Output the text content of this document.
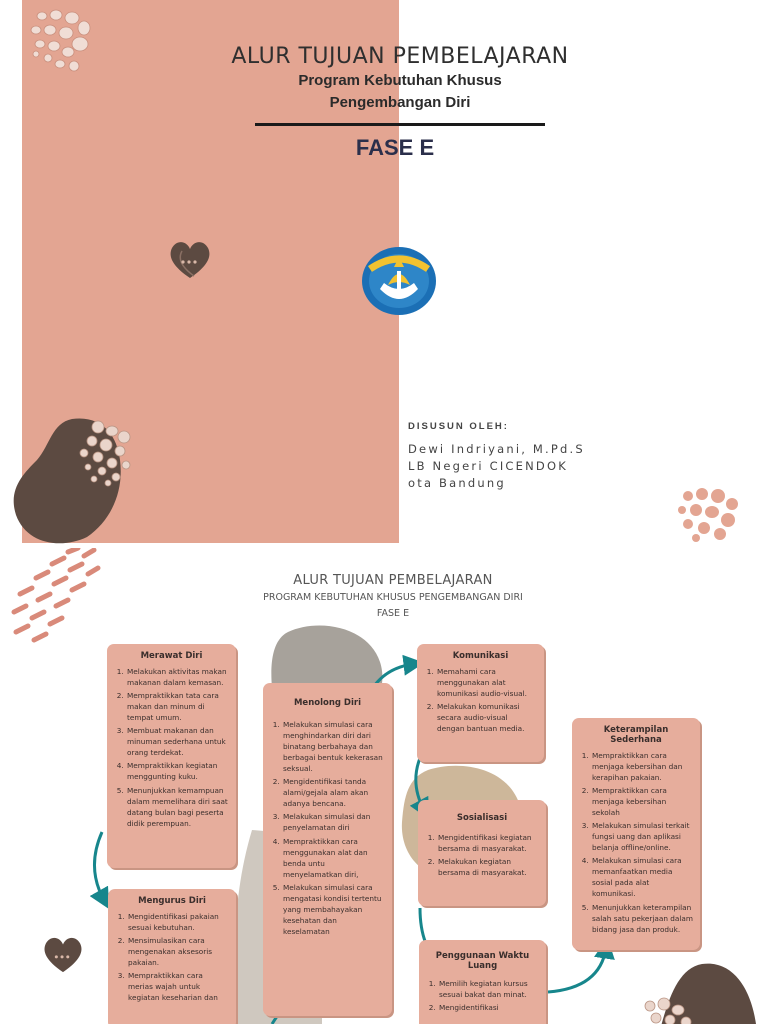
ALUR TUJUAN PEMBELAJARAN
Program Kebutuhan Khusus
Pengembangan Diri
FASE E
DISUSUN OLEH:
Dewi Indriyani, M.Pd.S
LB Negeri CICENDOK
ota Bandung
ALUR TUJUAN PEMBELAJARAN
PROGRAM KEBUTUHAN KHUSUS PENGEMBANGAN DIRI
FASE E
Merawat Diri
1. Melakukan aktivitas makan makanan dalam kemasan.
2. Mempraktikkan tata cara makan dan minum di tempat umum.
3. Membuat makanan dan minuman sederhana untuk orang terdekat.
4. Mempraktikkan kegiatan menggunting kuku.
5. Menunjukkan kemampuan dalam memelihara diri saat datang bulan bagi peserta didik perempuan.
Mengurus Diri
1. Mengidentifikasi pakaian sesuai kebutuhan.
2. Mensimulasikan cara mengenakan aksesoris pakaian.
3. Mempraktikkan cara merias wajah untuk kegiatan keseharian dan
Menolong Diri
1. Melakukan simulasi cara menghindarkan diri dari binatang berbahaya dan berbagai bentuk kekerasan seksual.
2. Mengidentifikasi tanda alami/gejala alam akan adanya bencana.
3. Melakukan simulasi dan penyelamatan diri
4. Mempraktikkan cara menggunakan alat dan benda untu menyelamatkan diri,
5. Melakukan simulasi cara mengatasi kondisi tertentu yang membahayakan kesehatan dan keselamatan
Komunikasi
1. Memahami cara menggunakan alat komunikasi audio-visual.
2. Melakukan komunikasi secara audio-visual dengan bantuan media.
Sosialisasi
1. Mengidentifikasi kegiatan bersama di masyarakat.
2. Melakukan kegiatan bersama di masyarakat.
Penggunaan Waktu Luang
1. Memilih kegiatan kursus sesuai bakat dan minat.
2. Mengidentifikasi
Keterampilan Sederhana
1. Mempraktikkan cara menjaga kebersihan dan kerapihan pakaian.
2. Mempraktikkan cara menjaga kebersihan sekolah
3. Melakukan simulasi terkait fungsi uang dan aplikasi belanja offline/online.
4. Melakukan simulasi cara memanfaatkan media sosial pada alat komunikasi.
5. Menunjukkan keterampilan salah satu pekerjaan dalam bidang jasa dan produk.
